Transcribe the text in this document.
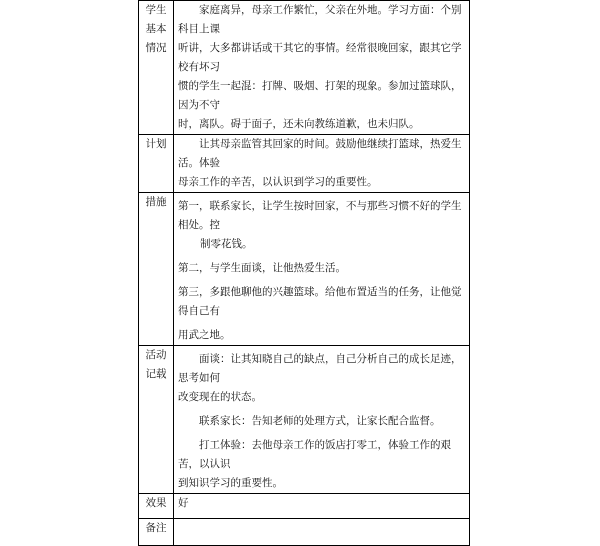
学生基本情况	家庭离异，母亲工作繁忙，父亲在外地。学习方面：个别科目上课

听讲，大多都讲话或干其它的事情。经常很晚回家，跟其它学校有坏习

惯的学生一起混：打牌、吸烟、打架的现象。参加过篮球队，因为不守

时，离队。碍于面子，还未向教练道歉，也未归队。

计划	让其母亲监管其回家的时间。鼓励他继续打篮球，热爱生活。体验

母亲工作的辛苦，以认识到学习的重要性。

措施	第一，联系家长，让学生按时回家，不与那些习惯不好的学生相处。控

制零花钱。

第二，与学生面谈，让他热爱生活。

第三，多跟他聊他的兴趣篮球。给他布置适当的任务，让他觉得自己有

用武之地。

活动记载	面谈：让其知晓自己的缺点，自己分析自己的成长足迹，思考如何

改变现在的状态。

联系家长：告知老师的处理方式，让家长配合监督。

打工体验：去他母亲工作的饭店打零工，体验工作的艰苦，以认识

到知识学习的重要性。

效果	好
备注	
